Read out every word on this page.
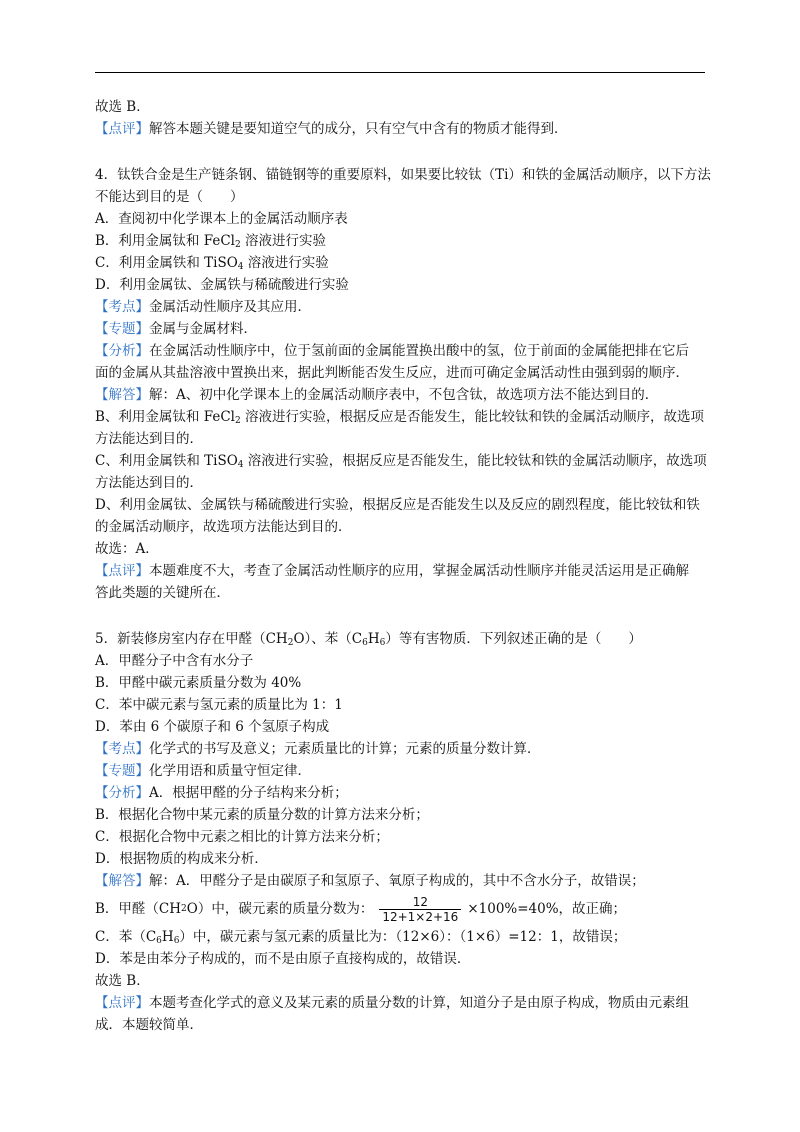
故选 B．
【点评】解答本题关键是要知道空气的成分，只有空气中含有的物质才能得到．
4．钛铁合金是生产链条钢、锚链钢等的重要原料，如果要比较钛（Ti）和铁的金属活动顺序，以下方法
不能达到目的是（　　）
A．查阅初中化学课本上的金属活动顺序表
B．利用金属钛和 FeCl$_2$ 溶液进行实验
C．利用金属铁和 TiSO$_4$ 溶液进行实验
D．利用金属钛、金属铁与稀硫酸进行实验
【考点】金属活动性顺序及其应用．
【专题】金属与金属材料．
【分析】在金属活动性顺序中，位于氢前面的金属能置换出酸中的氢，位于前面的金属能把排在它后
面的金属从其盐溶液中置换出来，据此判断能否发生反应，进而可确定金属活动性由强到弱的顺序．
【解答】解：A、初中化学课本上的金属活动顺序表中，不包含钛，故选项方法不能达到目的．
B、利用金属钛和 FeCl$_2$ 溶液进行实验，根据反应是否能发生，能比较钛和铁的金属活动顺序，故选项
方法能达到目的．
C、利用金属铁和 TiSO$_4$ 溶液进行实验，根据反应是否能发生，能比较钛和铁的金属活动顺序，故选项
方法能达到目的．
D、利用金属钛、金属铁与稀硫酸进行实验，根据反应是否能发生以及反应的剧烈程度，能比较钛和铁
的金属活动顺序，故选项方法能达到目的．
故选：A．
【点评】本题难度不大，考查了金属活动性顺序的应用，掌握金属活动性顺序并能灵活运用是正确解
答此类题的关键所在．
5．新装修房室内存在甲醛$(CH_2O)$、苯$(C_6H_6)$等有害物质．下列叙述正确的是（　　）
A．甲醛分子中含有水分子
B．甲醛中碳元素质量分数为 40%
C．苯中碳元素与氢元素的质量比为 1：1
D．苯由 6 个碳原子和 6 个氢原子构成
【考点】化学式的书写及意义；元素质量比的计算；元素的质量分数计算．
【专题】化学用语和质量守恒定律．
【分析】A．根据甲醛的分子结构来分析；
B．根据化合物中某元素的质量分数的计算方法来分析；
C．根据化合物中元素之相比的计算方法来分析；
D．根据物质的构成来分析．
【解答】解：A．甲醛分子是由碳原子和氢原子、氧原子构成的，其中不含水分子，故错误；
B．甲醛（CH 2 O）中，碳元素的质量分数为： $\frac{12}{12+1\times 2+16} \times 100\%=40\%$，故正确；
C．苯$(C_6H_6)$中，碳元素与氢元素的质量比为：（12×6）：（1×6）=12：1，故错误；
D．苯是由苯分子构成的，而不是由原子直接构成的，故错误．
故选 B．
【点评】本题考查化学式的意义及某元素的质量分数的计算，知道分子是由原子构成，物质由元素组
成．本题较简单．
